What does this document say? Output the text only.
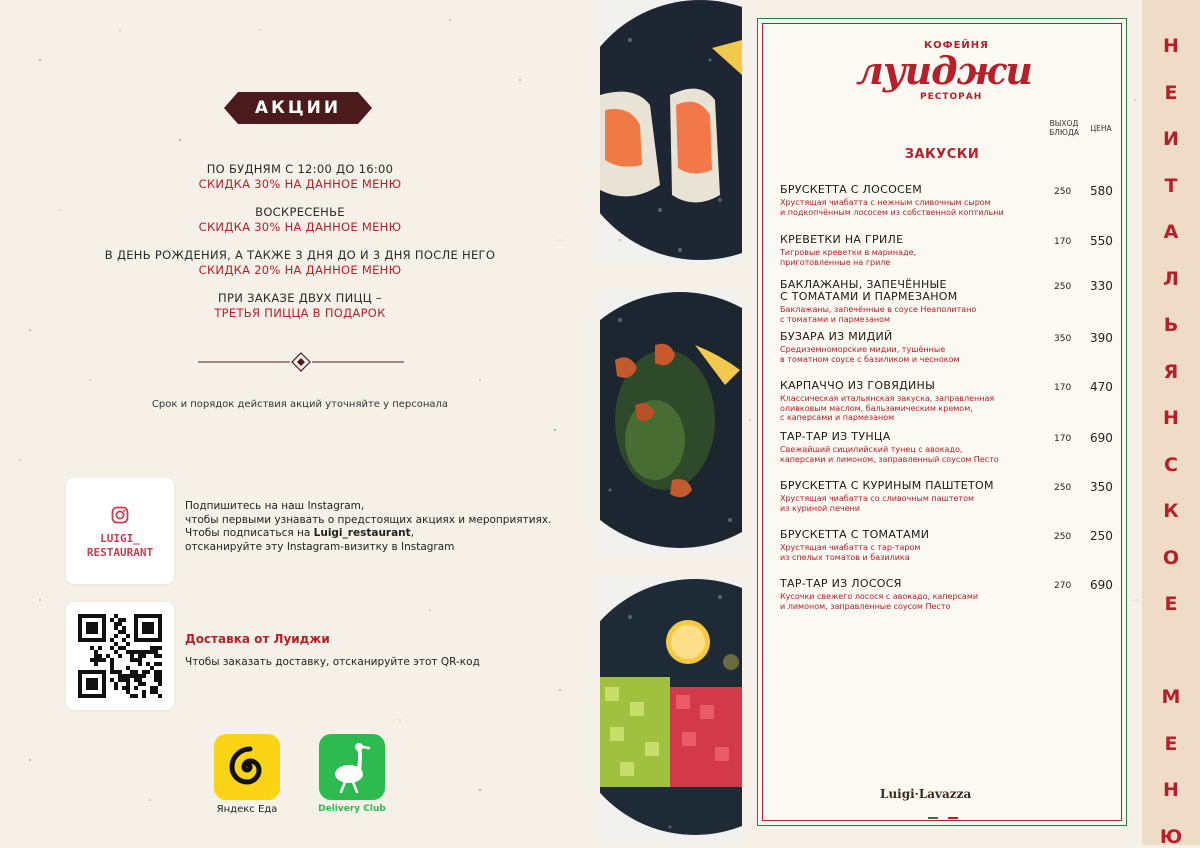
АКЦИИ
ПО БУДНЯМ С 12:00 ДО 16:00
СКИДКА 30% НА ДАННОЕ МЕНЮ
ВОСКРЕСЕНЬЕ
СКИДКА 30% НА ДАННОЕ МЕНЮ
В ДЕНЬ РОЖДЕНИЯ, А ТАКЖЕ 3 ДНЯ ДО И 3 ДНЯ ПОСЛЕ НЕГО
СКИДКА 20% НА ДАННОЕ МЕНЮ
ПРИ ЗАКАЗЕ ДВУХ ПИЦЦ –
ТРЕТЬЯ ПИЦЦА В ПОДАРОК
Срок и порядок действия акций уточняйте у персонала
LUIGI_
RESTAURANT
Подпишитесь на наш Instagram,
чтобы первыми узнавать о предстоящих акциях и мероприятиях.
Чтобы подписаться на Luigi_restaurant,
отсканируйте эту Instagram-визитку в Instagram
Доставка от Луиджи
Чтобы заказать доставку, отсканируйте этот QR-код
Яндекс Еда	Delivery Club
КОФЕЙНЯ
луиджи
РЕСТОРАН
ВЫХОД
БЛЮДА	ЦЕНА
ЗАКУСКИ
БРУСКЕТТА С ЛОСОСЕМ
Хрустящая чиабатта с нежным сливочным сыром
и подкопчённым лососем из собственной коптильни
250 580
КРЕВЕТКИ НА ГРИЛЕ
Тигровые креветки в маринаде,
приготовленные на гриле
170 550
БАКЛАЖАНЫ, ЗАПЕЧЁННЫЕ
С ТОМАТАМИ И ПАРМЕЗАНОМ
Баклажаны, запечённые в соусе Неаполитано
с томатами и пармезаном
250 330
БУЗАРА ИЗ МИДИЙ
Средиземноморские мидии, тушённые
в томатном соусе с базиликом и чесноком
350 390
КАРПАЧЧО ИЗ ГОВЯДИНЫ
Классическая итальянская закуска, заправленная
оливковым маслом, бальзамическим кремом,
с каперсами и пармезаном
170 470
ТАР-ТАР ИЗ ТУНЦА
Свежайший сицилийский тунец с авокадо,
каперсами и лимоном, заправленный соусом Песто
170 690
БРУСКЕТТА С КУРИНЫМ ПАШТЕТОМ
Хрустящая чиабатта со сливочным паштетом
из куриной печени
250 350
БРУСКЕТТА С ТОМАТАМИ
Хрустящая чиабатта с тар-таром
из спелых томатов и базилика
250 250
ТАР-ТАР ИЗ ЛОСОСЯ
Кусочки свежего лосося с авокадо, каперсами
и лимоном, заправленные соусом Песто
270 690
Luigi·Lavazza
Н
Е
И
Т
А
Л
Ь
Я
Н
С
К
О
Е
М
Е
Н
Ю
